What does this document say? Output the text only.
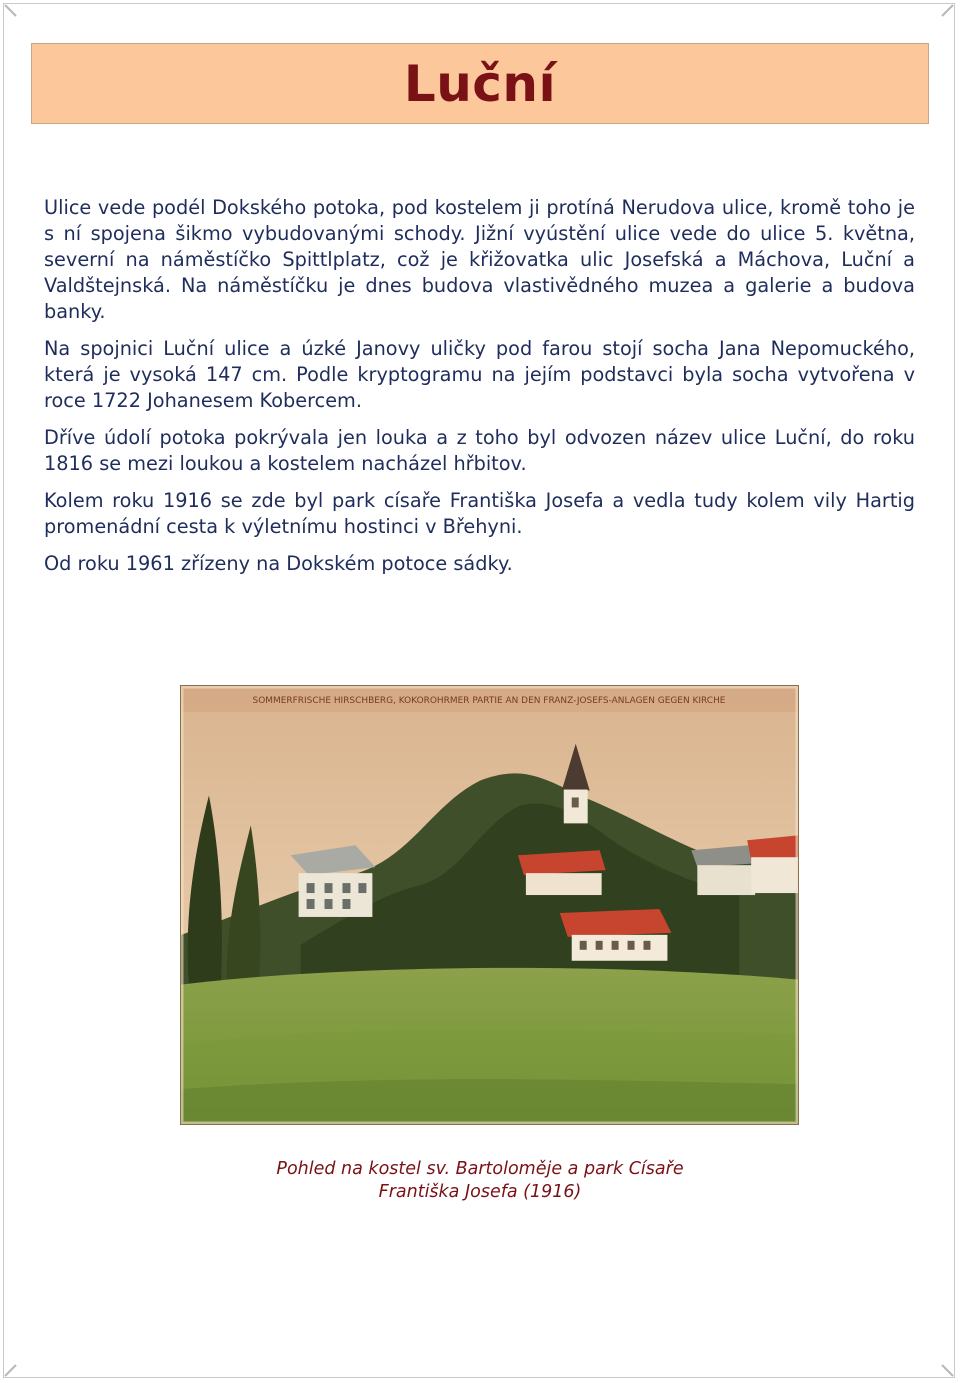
Luční

Ulice vede podél Dokského potoka, pod kostelem ji protíná Nerudova ulice, kromě toho je s ní spojena šikmo vybudovanými schody. Jižní vyústění ulice vede do ulice 5. května, severní na náměstíčko Spittlplatz, což je křižovatka ulic Josefská a Máchova, Luční a Valdštejnská. Na náměstíčku je dnes budova vlastivědného muzea a galerie a budova banky.

Na spojnici Luční ulice a úzké Janovy uličky pod farou stojí socha Jana Nepomuckého, která je vysoká 147 cm. Podle kryptogramu na jejím podstavci byla socha vytvořena v roce 1722 Johanesem Kobercem.

Dříve údolí potoka pokrývala jen louka a z toho byl odvozen název ulice Luční, do roku 1816 se mezi loukou a kostelem nacházel hřbitov.

Kolem roku 1916 se zde byl park císaře Františka Josefa a vedla tudy kolem vily Hartig promenádní cesta k výletnímu hostinci v Břehyni.

Od roku 1961 zřízeny na Dokském potoce sádky.

SOMMERFRISCHE HIRSCHBERG, KOKOROHRMER PARTIE AN DEN FRANZ-JOSEFS-ANLAGEN GEGEN KIRCHE
Pohled na kostel sv. Bartoloměje a park Císaře
Františka Josefa (1916)
